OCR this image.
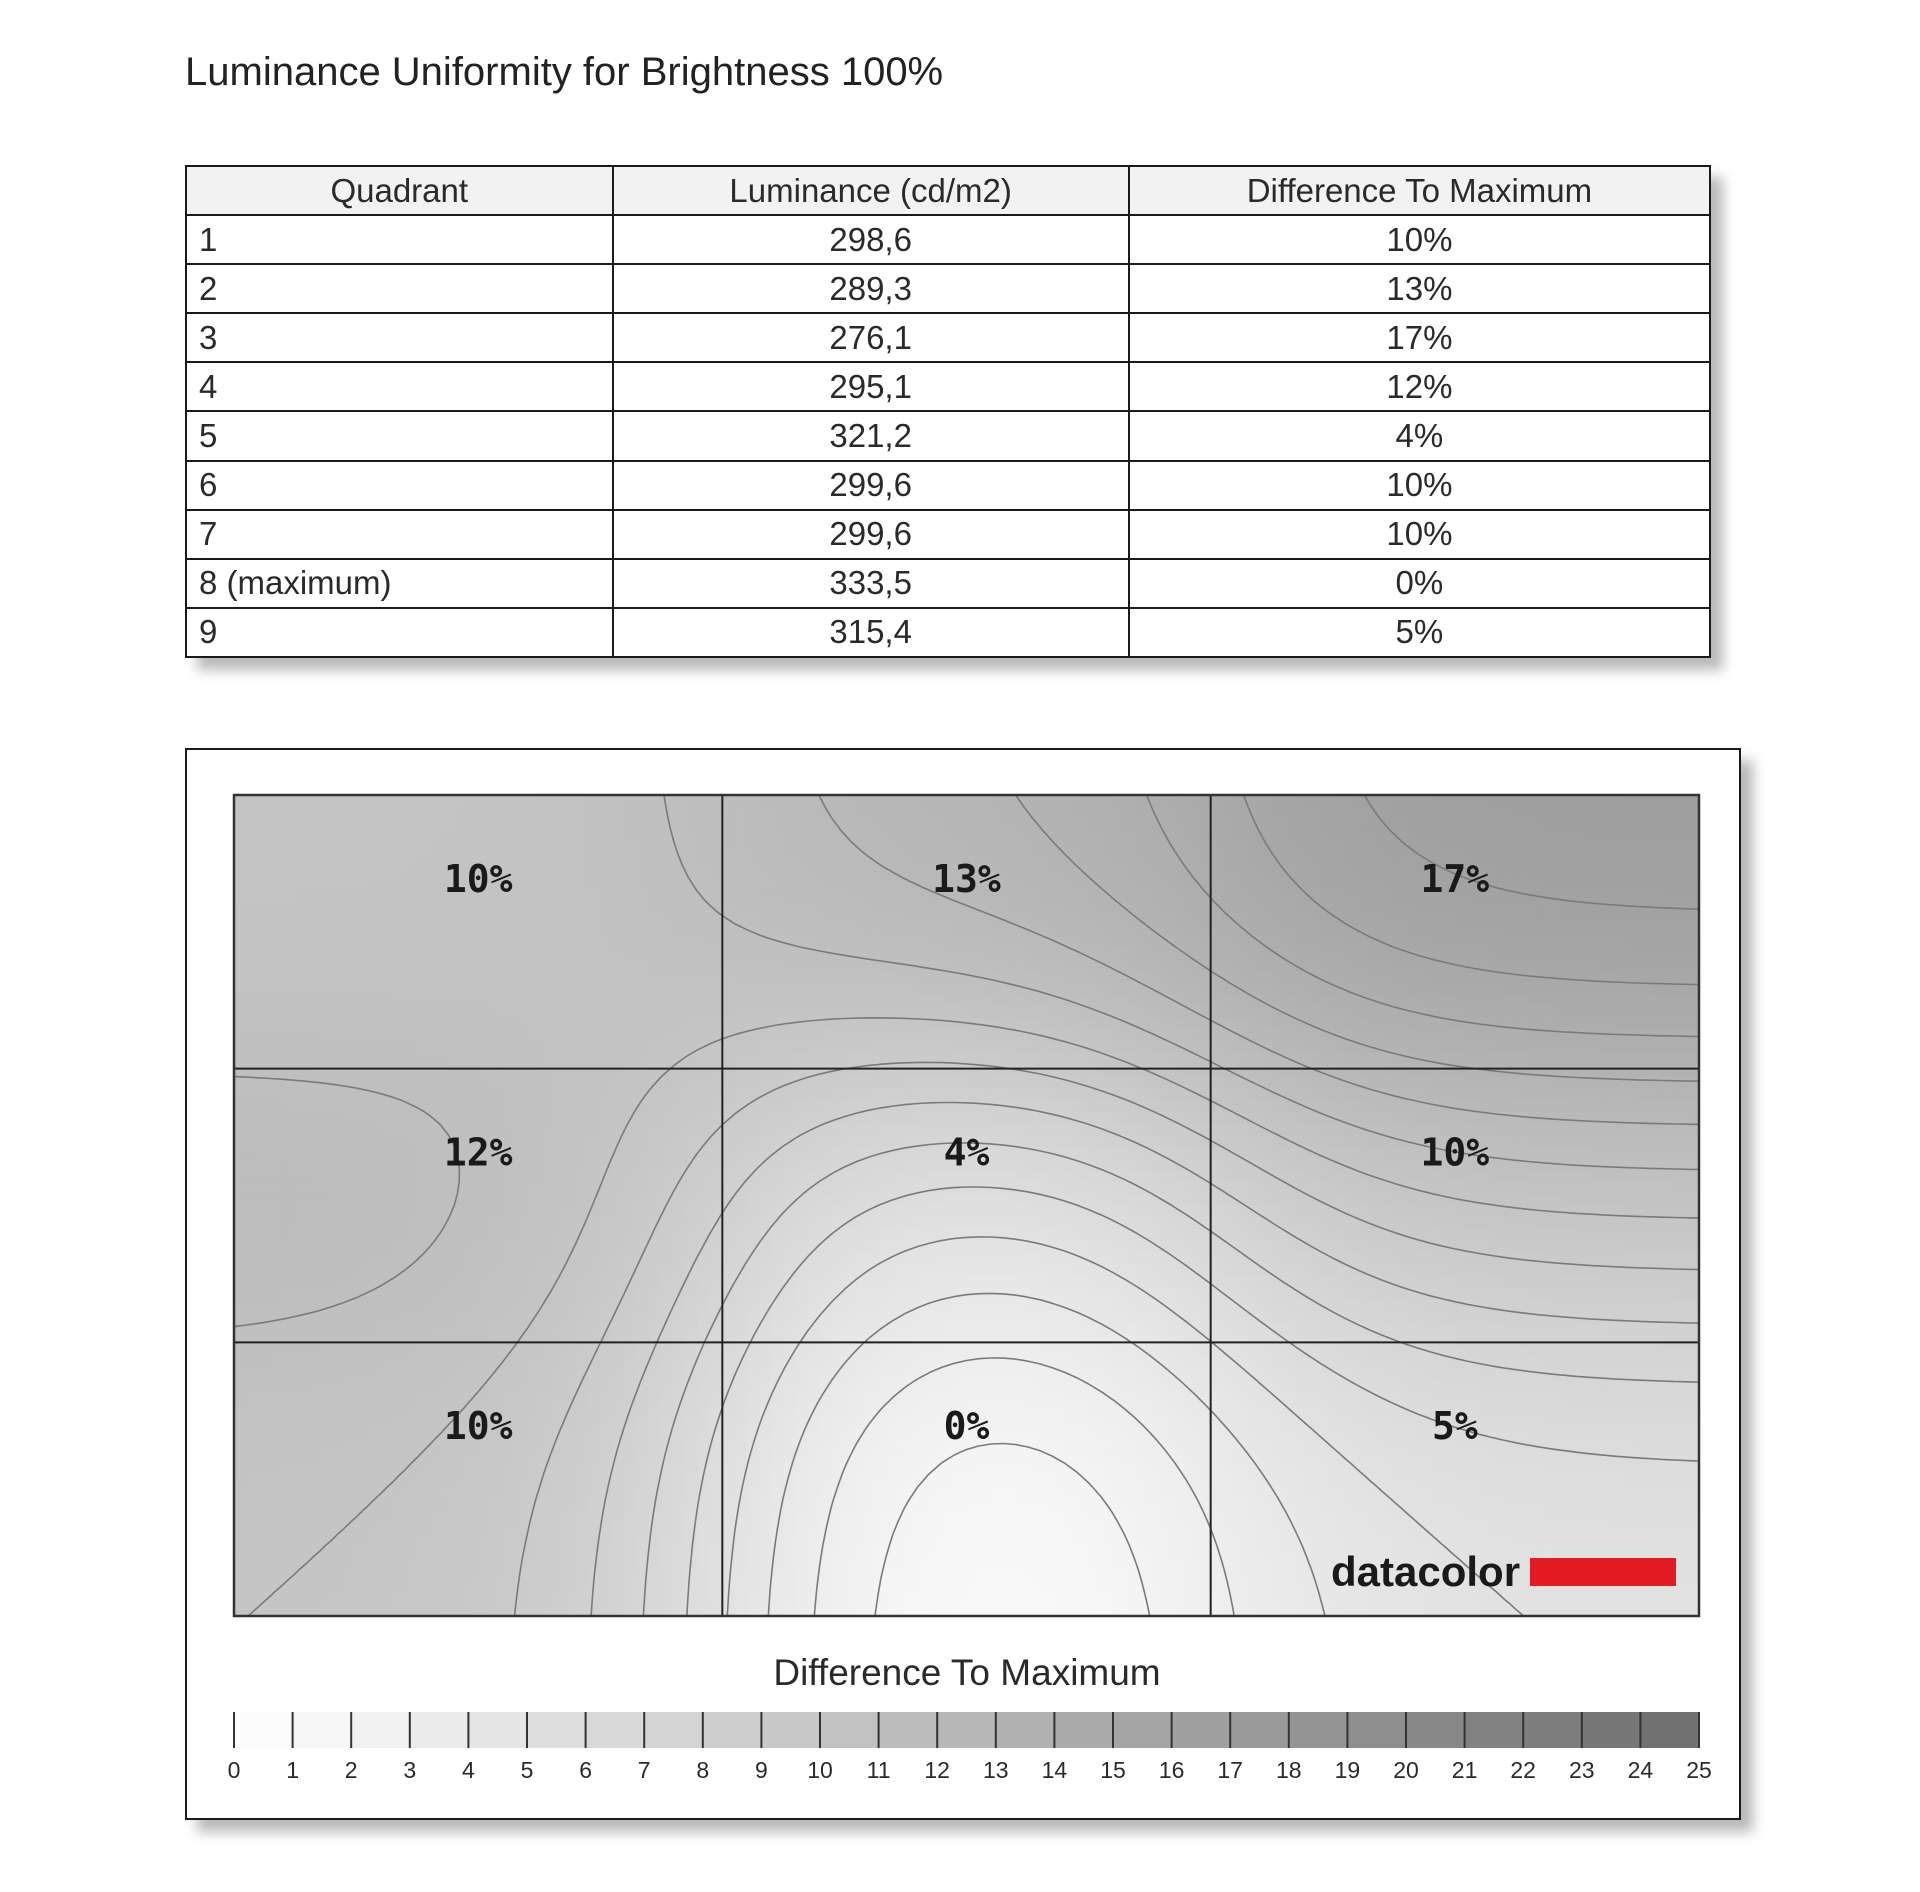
Luminance Uniformity for Brightness 100%
Quadrant	Luminance (cd/m2)	Difference To Maximum
1	298,6	10%
2	289,3	13%
3	276,1	17%
4	295,1	12%
5	321,2	4%
6	299,6	10%
7	299,6	10%
8 (maximum)	333,5	0%
9	315,4	5%
10%	13%	17%
12%	4%	10%
10%	0%	5%
datacolor
Difference To Maximum
0 1 2 3 4 5 6 7 8 9 10 11 12 13 14 15 16 17 18 19 20 21 22 23 24 25
